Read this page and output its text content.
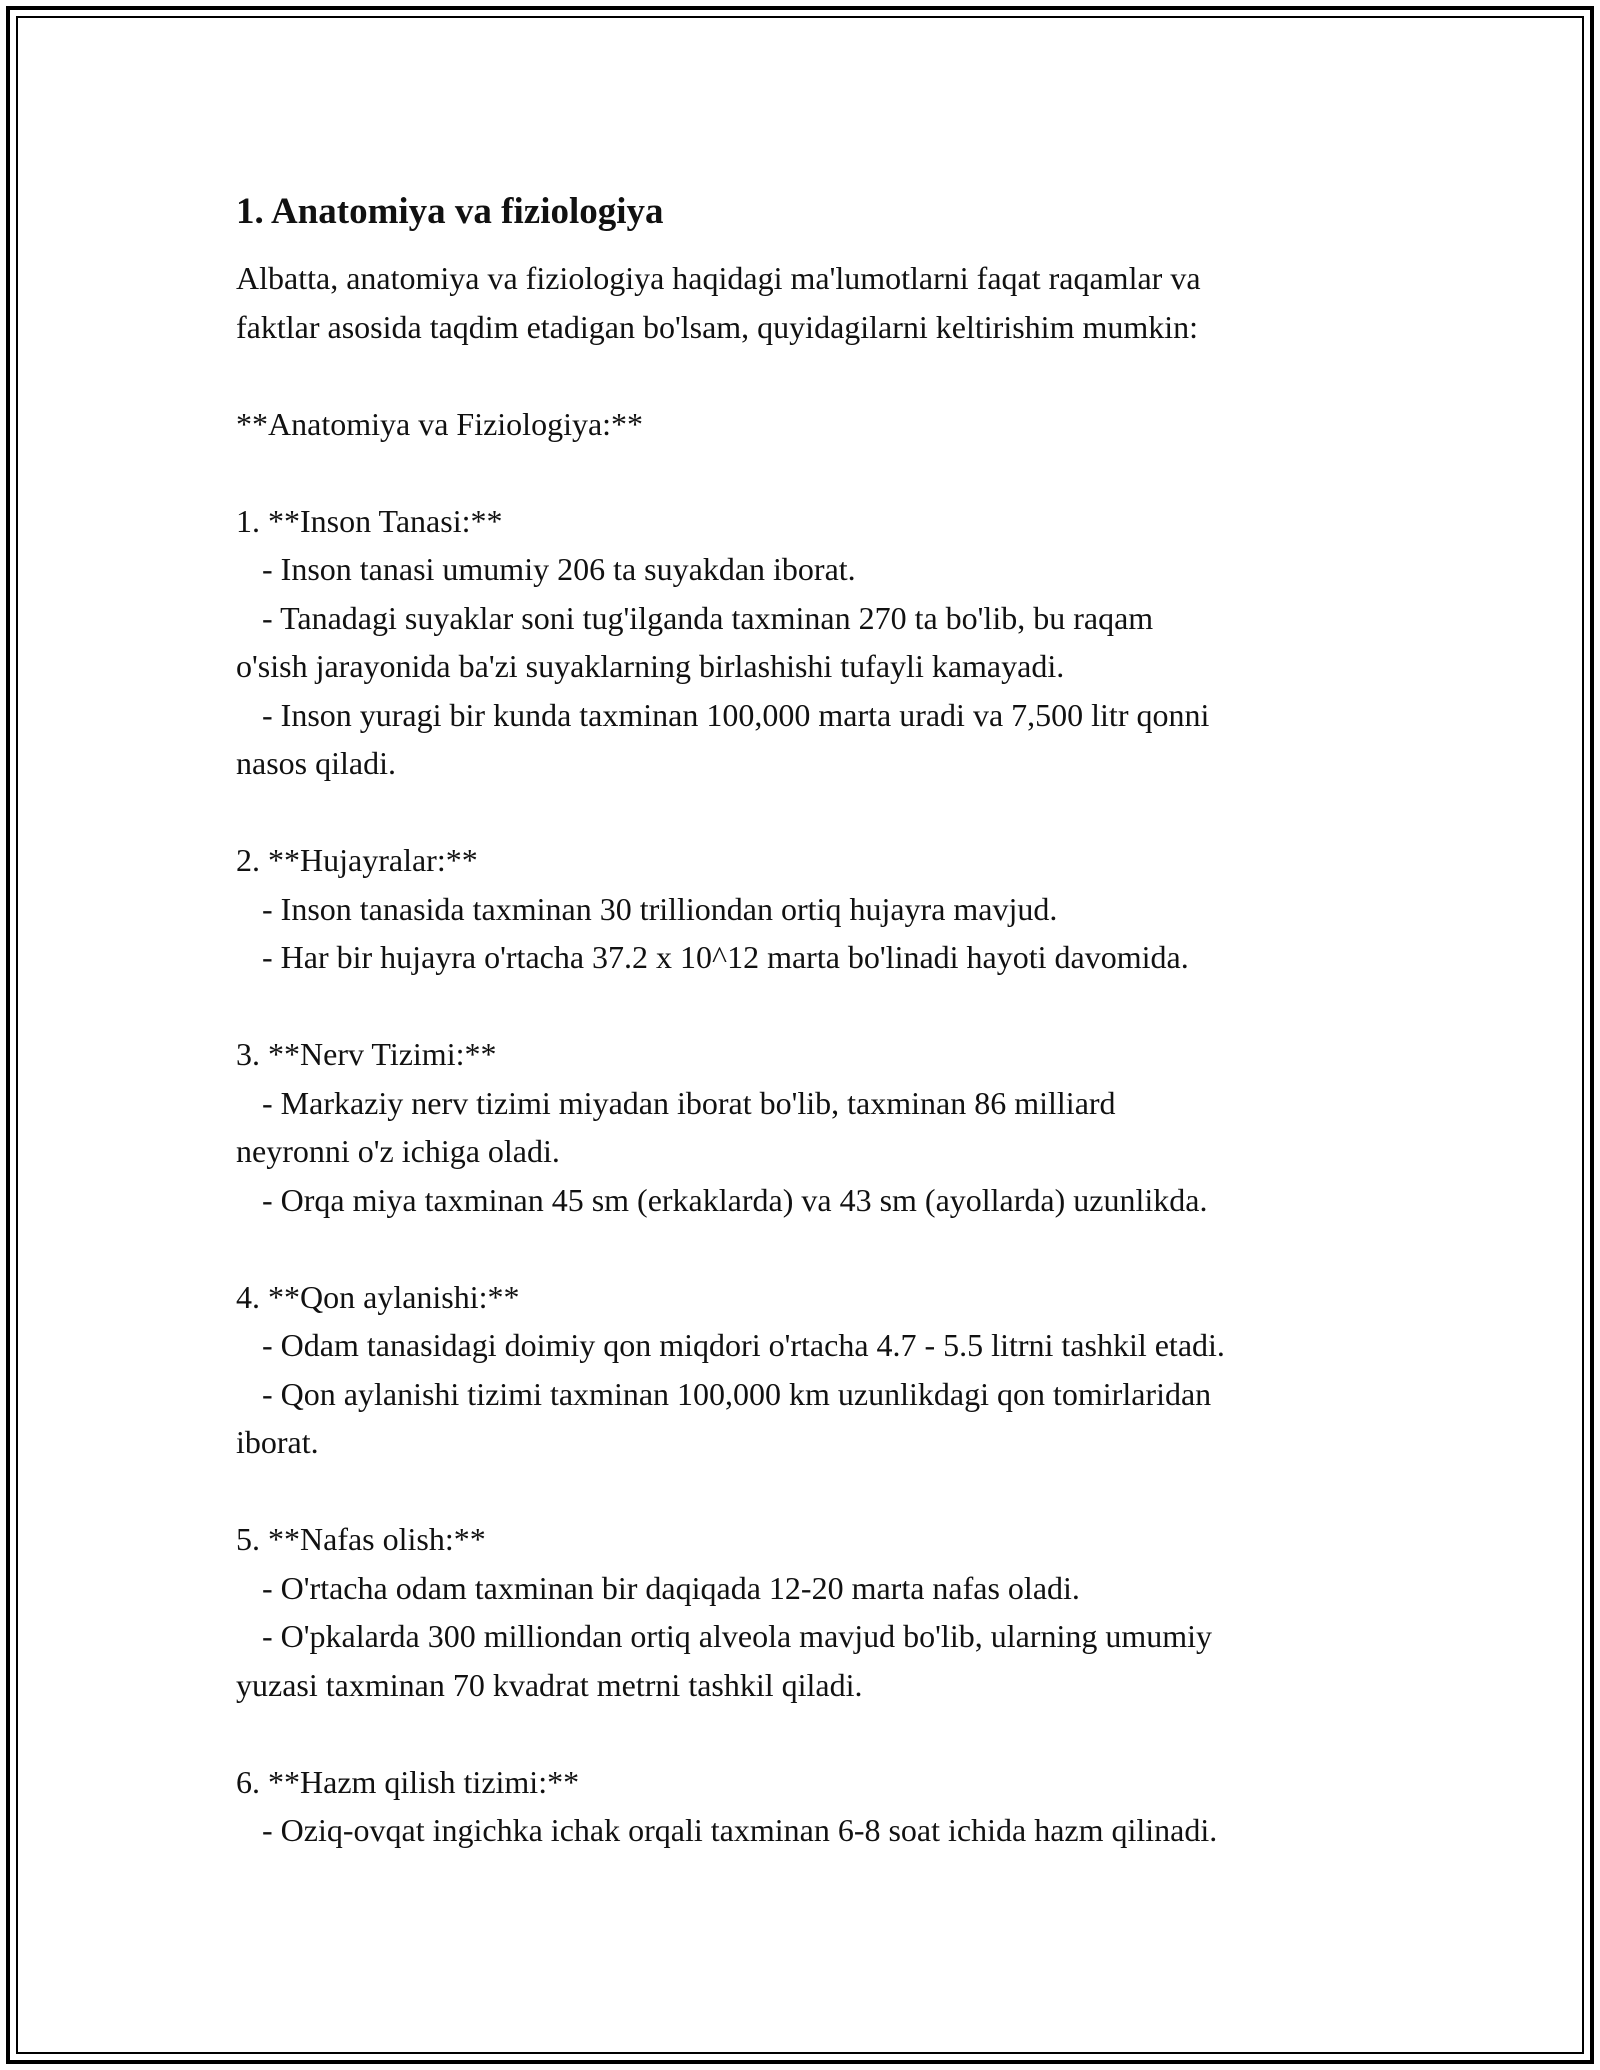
1. Anatomiya va fiziologiya

Albatta, anatomiya va fiziologiya haqidagi ma'lumotlarni faqat raqamlar va

faktlar asosida taqdim etadigan bo'lsam, quyidagilarni keltirishim mumkin:

**Anatomiya va Fiziologiya:**

1. **Inson Tanasi:**

- Inson tanasi umumiy 206 ta suyakdan iborat.

- Tanadagi suyaklar soni tug'ilganda taxminan 270 ta bo'lib, bu raqam

o'sish jarayonida ba'zi suyaklarning birlashishi tufayli kamayadi.

- Inson yuragi bir kunda taxminan 100,000 marta uradi va 7,500 litr qonni

nasos qiladi.

2. **Hujayralar:**

- Inson tanasida taxminan 30 trilliondan ortiq hujayra mavjud.

- Har bir hujayra o'rtacha 37.2 x 10^12 marta bo'linadi hayoti davomida.

3. **Nerv Tizimi:**

- Markaziy nerv tizimi miyadan iborat bo'lib, taxminan 86 milliard

neyronni o'z ichiga oladi.

- Orqa miya taxminan 45 sm (erkaklarda) va 43 sm (ayollarda) uzunlikda.

4. **Qon aylanishi:**

- Odam tanasidagi doimiy qon miqdori o'rtacha 4.7 - 5.5 litrni tashkil etadi.

- Qon aylanishi tizimi taxminan 100,000 km uzunlikdagi qon tomirlaridan

iborat.

5. **Nafas olish:**

- O'rtacha odam taxminan bir daqiqada 12-20 marta nafas oladi.

- O'pkalarda 300 milliondan ortiq alveola mavjud bo'lib, ularning umumiy

yuzasi taxminan 70 kvadrat metrni tashkil qiladi.

6. **Hazm qilish tizimi:**

- Oziq-ovqat ingichka ichak orqali taxminan 6-8 soat ichida hazm qilinadi.
